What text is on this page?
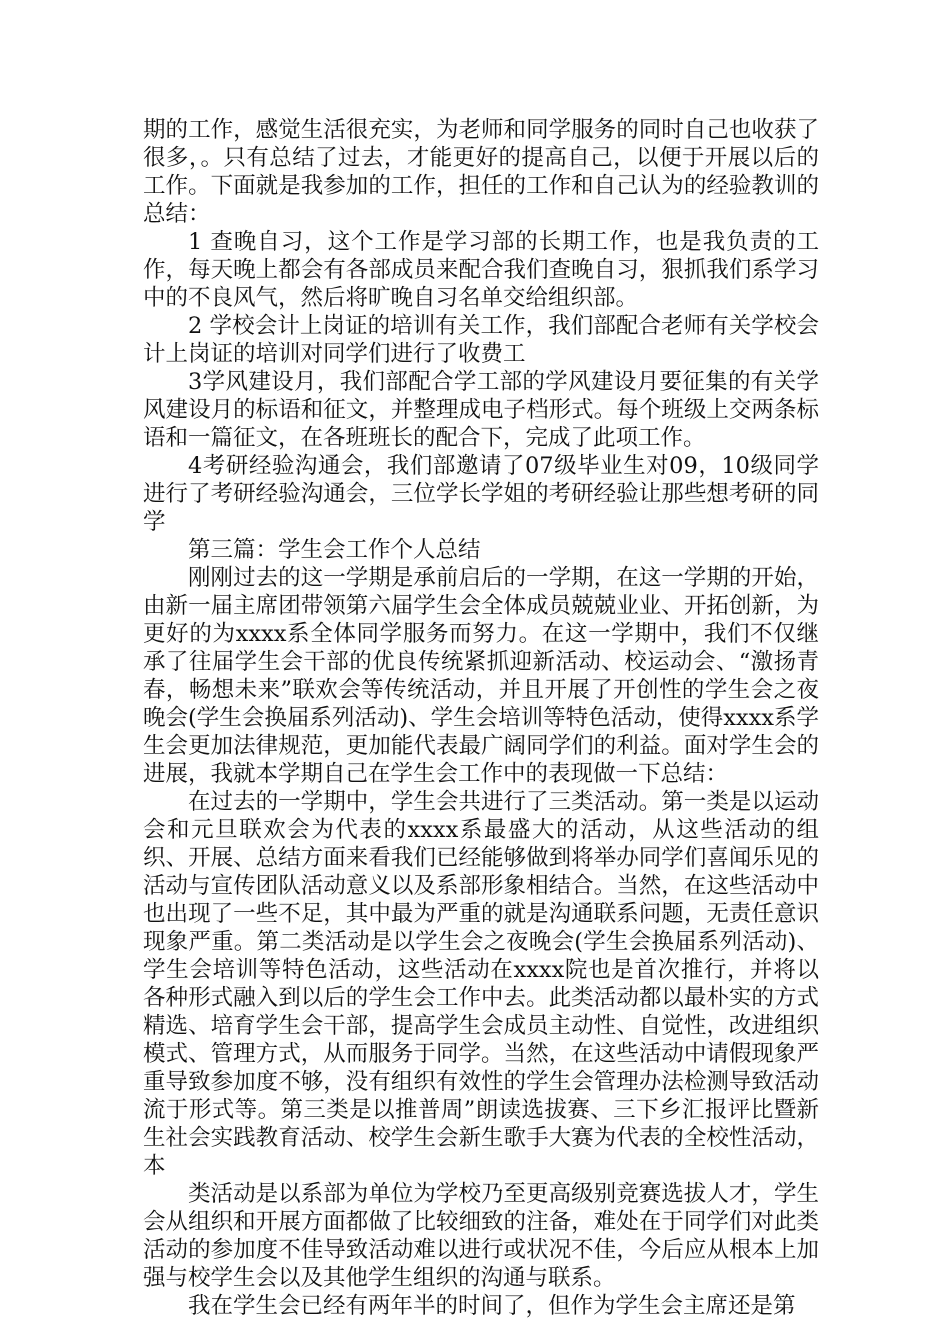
期的工作，感觉生活很充实，为老师和同学服务的同时自己也收获了很多，。只有总结了过去，才能更好的提高自己，以便于开展以后的工作。下面就是我参加的工作，担任的工作和自己认为的经验教训的总结：

1 查晚自习，这个工作是学习部的长期工作，也是我负责的工作，每天晚上都会有各部成员来配合我们查晚自习，狠抓我们系学习中的不良风气，然后将旷晚自习名单交给组织部。

2 学校会计上岗证的培训有关工作，我们部配合老师有关学校会计上岗证的培训对同学们进行了收费工

3学风建设月，我们部配合学工部的学风建设月要征集的有关学风建设月的标语和征文，并整理成电子档形式。每个班级上交两条标语和一篇征文，在各班班长的配合下，完成了此项工作。

4考研经验沟通会，我们部邀请了07级毕业生对09，10级同学进行了考研经验沟通会，三位学长学姐的考研经验让那些想考研的同学

第三篇：学生会工作个人总结

刚刚过去的这一学期是承前启后的一学期，在这一学期的开始，由新一届主席团带领第六届学生会全体成员兢兢业业、开拓创新，为更好的为xxxx系全体同学服务而努力。在这一学期中，我们不仅继承了往届学生会干部的优良传统紧抓迎新活动、校运动会、“激扬青春，畅想未来”联欢会等传统活动，并且开展了开创性的学生会之夜晚会(学生会换届系列活动)、学生会培训等特色活动，使得xxxx系学生会更加法律规范，更加能代表最广阔同学们的利益。面对学生会的进展，我就本学期自己在学生会工作中的表现做一下总结：

在过去的一学期中，学生会共进行了三类活动。第一类是以运动会和元旦联欢会为代表的xxxx系最盛大的活动，从这些活动的组织、开展、总结方面来看我们已经能够做到将举办同学们喜闻乐见的活动与宣传团队活动意义以及系部形象相结合。当然，在这些活动中也出现了一些不足，其中最为严重的就是沟通联系问题，无责任意识现象严重。第二类活动是以学生会之夜晚会(学生会换届系列活动)、学生会培训等特色活动，这些活动在xxxx院也是首次推行，并将以各种形式融入到以后的学生会工作中去。此类活动都以最朴实的方式精选、培育学生会干部，提高学生会成员主动性、自觉性，改进组织模式、管理方式，从而服务于同学。当然，在这些活动中请假现象严重导致参加度不够，没有组织有效性的学生会管理办法检测导致活动流于形式等。第三类是以推普周”朗读选拔赛、三下乡汇报评比暨新生社会实践教育活动、校学生会新生歌手大赛为代表的全校性活动，本

类活动是以系部为单位为学校乃至更高级别竞赛选拔人才，学生会从组织和开展方面都做了比较细致的注备，难处在于同学们对此类活动的参加度不佳导致活动难以进行或状况不佳，今后应从根本上加强与校学生会以及其他学生组织的沟通与联系。

我在学生会已经有两年半的时间了，但作为学生会主席还是第
